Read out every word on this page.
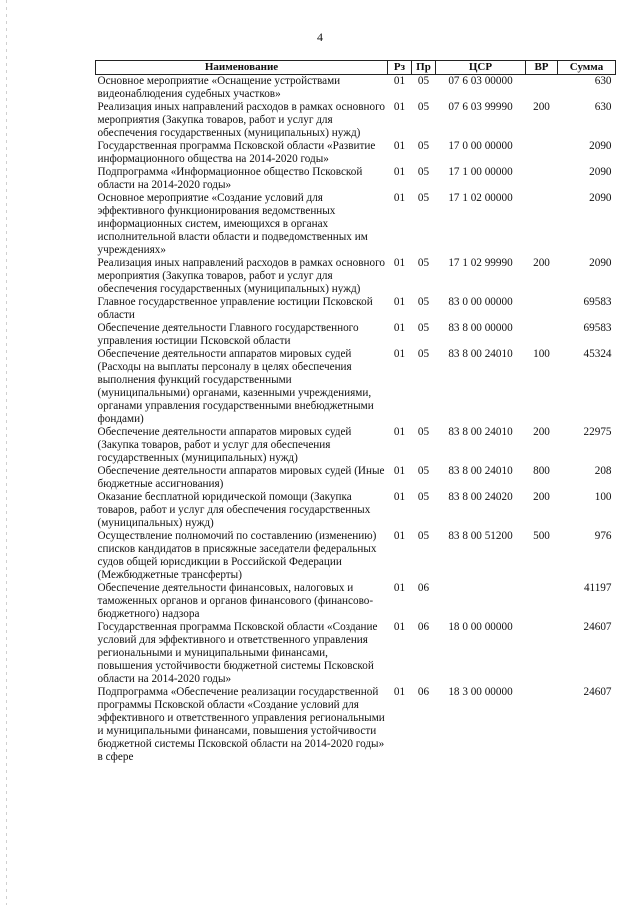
4
Наименование	Рз	Пр	ЦСР	ВР	Сумма
Основное мероприятие «Оснащение устройствами видеонаблюдения судебных участков»	01	05	07 6 03 00000		630
Реализация иных направлений расходов в рамках основного мероприятия (Закупка товаров, работ и услуг для обеспечения государственных (муниципальных) нужд)	01	05	07 6 03 99990	200	630
Государственная программа Псковской области «Развитие информационного общества на 2014-2020 годы»	01	05	17 0 00 00000		2090
Подпрограмма «Информационное общество Псковской области на 2014-2020 годы»	01	05	17 1 00 00000		2090
Основное мероприятие «Создание условий для эффективного функционирования ведомственных информационных систем, имеющихся в органах исполнительной власти области и подведомственных им учреждениях»	01	05	17 1 02 00000		2090
Реализация иных направлений расходов в рамках основного мероприятия (Закупка товаров, работ и услуг для обеспечения государственных (муниципальных) нужд)	01	05	17 1 02 99990	200	2090
Главное государственное управление юстиции Псковской области	01	05	83 0 00 00000		69583
Обеспечение деятельности Главного государственного управления юстиции Псковской области	01	05	83 8 00 00000		69583
Обеспечение деятельности аппаратов мировых судей (Расходы на выплаты персоналу в целях обеспечения выполнения функций государственными (муниципальными) органами, казенными учреждениями, органами управления государственными внебюджетными фондами)	01	05	83 8 00 24010	100	45324
Обеспечение деятельности аппаратов мировых судей (Закупка товаров, работ и услуг для обеспечения государственных (муниципальных) нужд)	01	05	83 8 00 24010	200	22975
Обеспечение деятельности аппаратов мировых судей (Иные бюджетные ассигнования)	01	05	83 8 00 24010	800	208
Оказание бесплатной юридической помощи (Закупка товаров, работ и услуг для обеспечения государственных (муниципальных) нужд)	01	05	83 8 00 24020	200	100
Осуществление полномочий по составлению (изменению) списков кандидатов в присяжные заседатели федеральных судов общей юрисдикции в Российской Федерации (Межбюджетные трансферты)	01	05	83 8 00 51200	500	976
Обеспечение деятельности финансовых, налоговых и таможенных органов и органов финансового (финансово-бюджетного) надзора	01	06			41197
Государственная программа Псковской области «Создание условий для эффективного и ответственного управления региональными и муниципальными финансами, повышения устойчивости бюджетной системы Псковской области на 2014-2020 годы»	01	06	18 0 00 00000		24607
Подпрограмма «Обеспечение реализации государственной программы Псковской области «Создание условий для эффективного и ответственного управления региональными и муниципальными финансами, повышения устойчивости бюджетной системы Псковской области на 2014-2020 годы» в сфере	01	06	18 3 00 00000		24607
